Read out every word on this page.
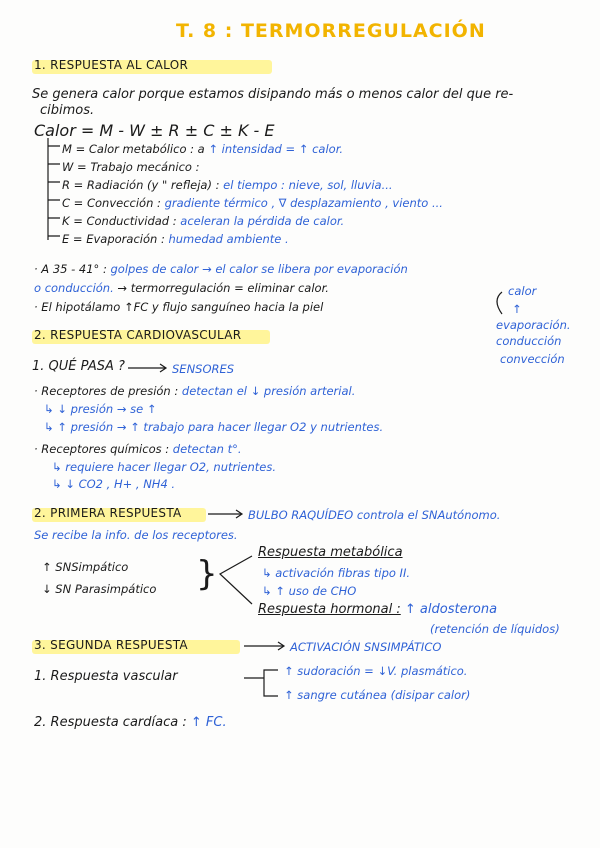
T. 8 : TERMORREGULACIÓN
1. RESPUESTA AL CALOR
Se genera calor porque estamos disipando más o menos calor del que re-
cibimos.
Calor = M - W ± R ± C ± K - E
M = Calor metabólico : a ↑ intensidad = ↑ calor.
W = Trabajo mecánico :
R = Radiación (y " refleja) : el tiempo : nieve, sol, lluvia...
C = Convección : gradiente térmico , ∇ desplazamiento , viento ...
K = Conductividad : aceleran la pérdida de calor.
E = Evaporación : humedad ambiente .
· A 35 - 41° : golpes de calor → el calor se libera por evaporación
o conducción. → termorregulación = eliminar calor.
· El hipotálamo ↑FC y flujo sanguíneo hacia la piel
calor
↑
evaporación.
conducción
convección
2. RESPUESTA CARDIOVASCULAR
1. QUÉ PASA ?	SENSORES
· Receptores de presión : detectan el ↓ presión arterial.
↳ ↓ presión → se ↑
↳ ↑ presión → ↑ trabajo para hacer llegar O2 y nutrientes.
· Receptores químicos : detectan t°.
↳ requiere hacer llegar O2, nutrientes.
↳ ↓ CO2 , H+ , NH4 .
2. PRIMERA RESPUESTA	BULBO RAQUÍDEO controla el SNAutónomo.
Se recibe la info. de los receptores.
↑ SNSimpático
↓ SN Parasimpático }
Respuesta metabólica
↳ activación fibras tipo II.
↳ ↑ uso de CHO
Respuesta hormonal : ↑ aldosterona
(retención de líquidos)
3. SEGUNDA RESPUESTA	ACTIVACIÓN SNSIMPÁTICO
1. Respuesta vascular	↑ sudoración = ↓V. plasmático.
↑ sangre cutánea (disipar calor)
2. Respuesta cardíaca : ↑ FC.
